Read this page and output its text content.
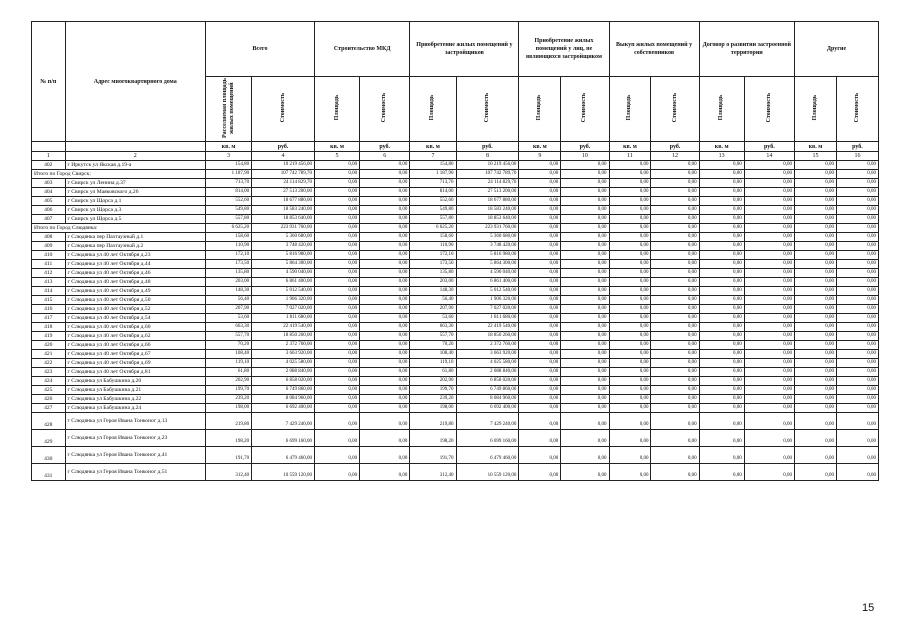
№ п/п	Адрес многоквартирного дома	Всего		Строительство МКД		Приобретение жилых помещений у застройщиков		Приобретение жилых помещений у лиц, не являющихся застройщиком		Выкуп жилых помещений у собственников		Договор о развитии застроенной территории		Другие	
		Расселяемая площадь жилых помещений	Стоимость	Площадь	Стоимость	Площадь	Стоимость	Площадь	Стоимость	Площадь	Стоимость	Площадь	Стоимость	Площадь	Стоимость
		кв. м	руб.	кв. м	руб.	кв. м	руб.	кв. м	руб.	кв. м	руб.	кв. м	руб.	кв. м	руб.
1	2	3	4	5	6	7	8	9	10	11	12	13	14	15	16
402	г Иркутск ул Якская д.19-а	154,80	10 219 456,00	0,00	0,00	154,80	10 219 456,00	0,00	0,00	0,00	0,00	0,00	0,00	0,00	0,00
Итого по Город Свирск:		1 187,90	107 742 789,70	0,00	0,00	1 187,90	107 742 789,70	0,00	0,00	0,00	0,00	0,00	0,00	0,00	0,00
403	г Свирск ул Ленина д.37	713,70	24 114 829,70	0,00	0,00	713,70	24 114 829,70	0,00	0,00	0,00	0,00	0,00	0,00	0,00	0,00
404	г Свирск ул Маяковского д.26	814,00	27 513 200,00	0,00	0,00	814,00	27 513 200,00	0,00	0,00	0,00	0,00	0,00	0,00	0,00	0,00
405	г Свирск ул Щорса д.1	552,60	18 677 880,00	0,00	0,00	552,60	18 677 880,00	0,00	0,00	0,00	0,00	0,00	0,00	0,00	0,00
406	г Свирск ул Щорса д.3	549,80	18 583 240,00	0,00	0,00	549,80	18 583 240,00	0,00	0,00	0,00	0,00	0,00	0,00	0,00	0,00
407	г Свирск ул Щорса д.5	557,80	18 853 640,00	0,00	0,00	557,80	18 853 640,00	0,00	0,00	0,00	0,00	0,00	0,00	0,00	0,00
Итого по Город Слюдянка:		6 625,20	223 931 760,00	0,00	0,00	6 625,20	223 931 760,00	0,00	0,00	0,00	0,00	0,00	0,00	0,00	0,00
408	г Слюдянка пер Пахтаузный д.1	158,60	5 360 680,00	0,00	0,00	158,60	5 360 680,00	0,00	0,00	0,00	0,00	0,00	0,00	0,00	0,00
409	г Слюдянка пер Пахтаузный д.2	110,90	3 748 420,00	0,00	0,00	110,90	3 748 420,00	0,00	0,00	0,00	0,00	0,00	0,00	0,00	0,00
410	г Слюдянка ул 40 лет Октября д.23	172,10	5 816 980,00	0,00	0,00	172,10	5 816 980,00	0,00	0,00	0,00	0,00	0,00	0,00	0,00	0,00
411	г Слюдянка ул 40 лет Октября д.44	173,50	5 864 300,00	0,00	0,00	173,50	5 864 300,00	0,00	0,00	0,00	0,00	0,00	0,00	0,00	0,00
412	г Слюдянка ул 40 лет Октября д.46	135,80	4 590 040,00	0,00	0,00	135,80	4 590 040,00	0,00	0,00	0,00	0,00	0,00	0,00	0,00	0,00
413	г Слюдянка ул 40 лет Октября д.48	203,00	6 861 400,00	0,00	0,00	203,00	6 861 400,00	0,00	0,00	0,00	0,00	0,00	0,00	0,00	0,00
414	г Слюдянка ул 40 лет Октября д.49	148,30	5 012 540,00	0,00	0,00	148,30	5 012 540,00	0,00	0,00	0,00	0,00	0,00	0,00	0,00	0,00
415	г Слюдянка ул 40 лет Октября д.50	56,40	1 906 320,00	0,00	0,00	56,40	1 906 320,00	0,00	0,00	0,00	0,00	0,00	0,00	0,00	0,00
416	г Слюдянка ул 40 лет Октября д.52	207,90	7 027 020,00	0,00	0,00	207,90	7 027 020,00	0,00	0,00	0,00	0,00	0,00	0,00	0,00	0,00
417	г Слюдянка ул 40 лет Октября д.54	53,60	1 811 680,00	0,00	0,00	53,60	1 811 680,00	0,00	0,00	0,00	0,00	0,00	0,00	0,00	0,00
418	г Слюдянка ул 40 лет Октября д.60	663,30	22 419 540,00	0,00	0,00	663,30	22 419 540,00	0,00	0,00	0,00	0,00	0,00	0,00	0,00	0,00
419	г Слюдянка ул 40 лет Октября д.62	557,70	18 850 260,00	0,00	0,00	557,70	18 850 260,00	0,00	0,00	0,00	0,00	0,00	0,00	0,00	0,00
420	г Слюдянка ул 40 лет Октября д.66	70,20	2 372 760,00	0,00	0,00	70,20	2 372 760,00	0,00	0,00	0,00	0,00	0,00	0,00	0,00	0,00
421	г Слюдянка ул 40 лет Октября д.67	108,40	3 663 920,00	0,00	0,00	108,40	3 663 920,00	0,00	0,00	0,00	0,00	0,00	0,00	0,00	0,00
422	г Слюдянка ул 40 лет Октября д.69	119,10	4 025 580,00	0,00	0,00	119,10	4 025 580,00	0,00	0,00	0,00	0,00	0,00	0,00	0,00	0,00
423	г Слюдянка ул 40 лет Октября д.81	61,80	2 088 840,00	0,00	0,00	61,80	2 088 840,00	0,00	0,00	0,00	0,00	0,00	0,00	0,00	0,00
424	г Слюдянка ул Бабушкина д.20	202,90	6 858 020,00	0,00	0,00	202,90	6 858 020,00	0,00	0,00	0,00	0,00	0,00	0,00	0,00	0,00
425	г Слюдянка ул Бабушкина д.21	199,70	6 749 860,00	0,00	0,00	199,70	6 749 860,00	0,00	0,00	0,00	0,00	0,00	0,00	0,00	0,00
426	г Слюдянка ул Бабушкина д.22	239,20	8 084 960,00	0,00	0,00	239,20	8 084 960,00	0,00	0,00	0,00	0,00	0,00	0,00	0,00	0,00
427	г Слюдянка ул Бабушкина д.24	198,00	6 692 400,00	0,00	0,00	198,00	6 692 400,00	0,00	0,00	0,00	0,00	0,00	0,00	0,00	0,00
428	г Слюдянка ул Героя Ивана Тонконог д.13	219,80	7 429 240,00	0,00	0,00	219,80	7 429 240,00	0,00	0,00	0,00	0,00	0,00	0,00	0,00	0,00
429	г Слюдянка ул Героя Ивана Тонконог д.23	198,20	6 699 160,00	0,00	0,00	198,20	6 699 160,00	0,00	0,00	0,00	0,00	0,00	0,00	0,00	0,00
430	г Слюдянка ул Героя Ивана Тонконог д.41	191,70	6 479 460,00	0,00	0,00	191,70	6 479 460,00	0,00	0,00	0,00	0,00	0,00	0,00	0,00	0,00
431	г Слюдянка ул Героя Ивана Тонконог д.51	312,40	10 559 120,00	0,00	0,00	312,40	10 559 120,00	0,00	0,00	0,00	0,00	0,00	0,00	0,00	0,00
15
